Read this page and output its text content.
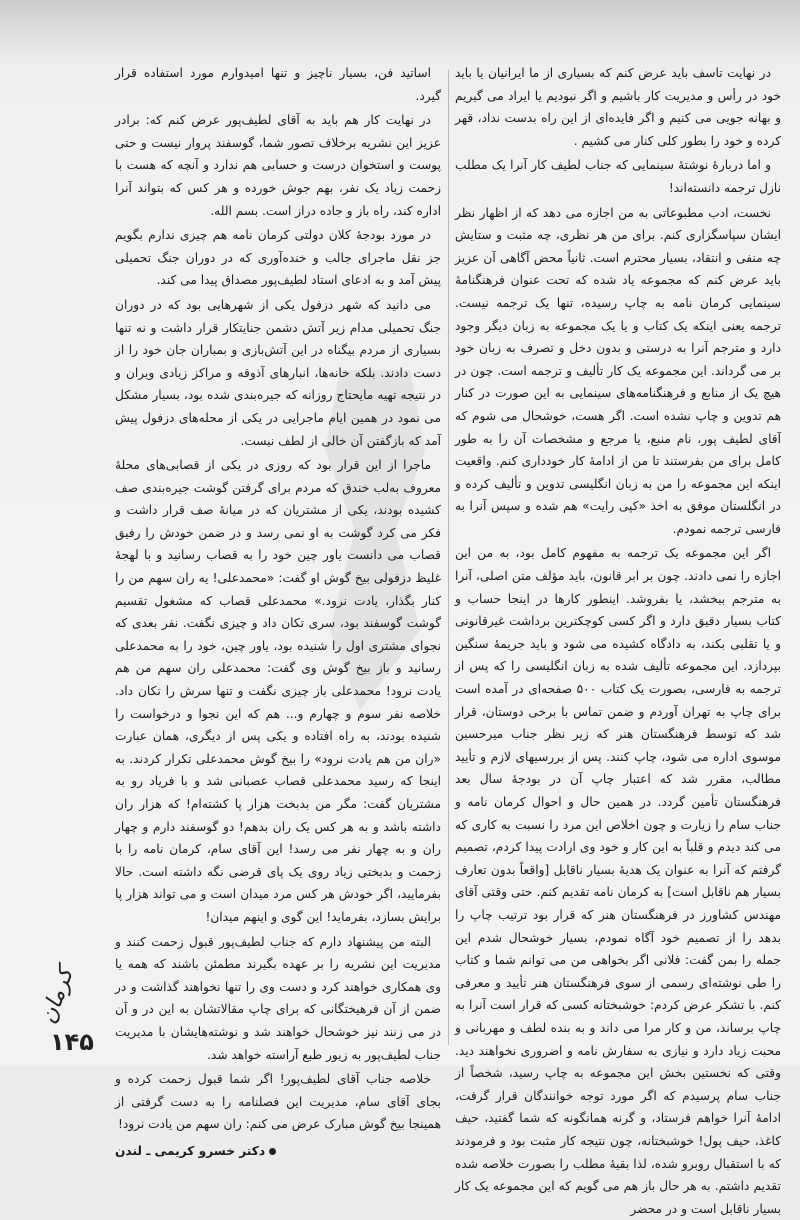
در نهایت تاسف باید عرض کنم که بسیاری از ما ایرانیان یا باید خود در رأس و مدیریت کار باشیم و اگر نبودیم یا ایراد می گیریم و بهانه جویی می کنیم و اگر فایده‌ای از این راه بدست نداد، قهر کرده و خود را بطور کلی کنار می کشیم .

و اما دربارهٔ نوشتهٔ سینمایی که جناب لطیف کار آنرا یک مطلب نازل ترجمه دانسته‌اند!

نخست، ادب مطبوعاتی به من اجازه می دهد که از اظهار نظر ایشان سپاسگزاری کنم. برای من هر نظری، چه مثبت و ستایش چه منفی و انتقاد، بسیار محترم است. ثانیاً محض آگاهی آن عزیز باید عرض کنم که مجموعه یاد شده که تحت عنوان فرهنگنامهٔ سینمایی کرمان نامه به چاپ رسیده، تنها یک ترجمه نیست. ترجمه یعنی اینکه یک کتاب و یا یک مجموعه به زبان دیگر وجود دارد و مترجم آنرا به درستی و بدون دخل و تصرف به زبان خود بر می گرداند. این مجموعه یک کار تألیف و ترجمه است. چون در هیچ یک از منابع و فرهنگنامه‌های سینمایی به این صورت در کنار هم تدوین و چاپ نشده است. اگر هست، خوشحال می شوم که آقای لطیف پور، نام منبع، یا مرجع و مشخصات آن را به طور کامل برای من بفرستند تا من از ادامهٔ کار خودداری کنم. واقعیت اینکه این مجموعه را من به زبان انگلیسی تدوین و تألیف کرده و در انگلستان موفق به اخذ «کپی رایت» هم شده و سپس آنرا به فارسی ترجمه نمودم.

اگر این مجموعه یک ترجمه به مفهوم کامل بود، به من این اجازه را نمی دادند. چون بر ابر قانون، باید مؤلف متن اصلی، آنرا به مترجم ببخشد، یا بفروشد. اینطور کارها در اینجا حساب و کتاب بسیار دقیق دارد و اگر کسی کوچکترین برداشت غیرقانونی و یا تقلبی بکند، به دادگاه کشیده می شود و باید جریمهٔ سنگین بپردازد. این مجموعه تألیف شده به زبان انگلیسی را که پس از ترجمه به فارسی، بصورت یک کتاب ۵۰۰ صفحه‌ای در آمده است برای چاپ به تهران آوردم و ضمن تماس با برخی دوستان، قرار شد که توسط فرهنگستان هنر که زیر نظر جناب میرحسین موسوی اداره می شود، چاپ کنند. پس از بررسیهای لازم و تأیید مطالب، مقرر شد که اعتبار چاپ آن در بودجهٔ سال بعد فرهنگستان تأمین گردد. در همین حال و احوال کرمان نامه و جناب سام را زیارت و چون اخلاص این مرد را نسبت به کاری که می کند دیدم و قلباً به این کار و خود وی ارادت پیدا کردم، تصمیم گرفتم که آنرا به عنوان یک هدیهٔ بسیار ناقابل [واقعاً بدون تعارف بسیار هم ناقابل است] به کرمان نامه تقدیم کنم. حتی وقتی آقای مهندس کشاورز در فرهنگستان هنر که قرار بود ترتیب چاپ را بدهد را از تصمیم خود آگاه نمودم، بسیار خوشحال شدم این جمله را بمن گفت: فلانی اگر بخواهی من می توانم شما و کتاب را طی نوشته‌ای رسمی از سوی فرهنگستان هنر تأیید و معرفی کنم. با تشکر عرض کردم: خوشبختانه کسی که قرار است آنرا به چاپ برساند، من و کار مرا می داند و به بنده لطف و مهربانی و محبت زیاد دارد و نیازی به سفارش نامه و اضروری نخواهند دید. وقتی که نخستین بخش این مجموعه به چاپ رسید، شخصاً از جناب سام پرسیدم که اگر مورد توجه خوانندگان قرار گرفت، ادامهٔ آنرا خواهم فرستاد، و گرنه همانگونه که شما گفتید، حیف کاغذ، حیف پول! خوشبختانه، چون نتیجه کار مثبت بود و فرمودند که با استقبال روبرو شده، لذا بقیهٔ مطلب را بصورت خلاصه شده تقدیم داشتم. به هر حال باز هم می گویم که این مجموعه یک کار بسیار ناقابل است و در محضر

اساتید فن، بسیار ناچیز و تنها امیدوارم مورد استفاده قرار گیرد.

در نهایت کار هم باید به آقای لطیف‌پور عرض کنم که: برادر عزیز این نشریه برخلاف تصور شما، گوسفند پروار نیست و حتی پوست و استخوان درست و حسابی هم ندارد و آنچه که هست با زحمت زیاد یک نفر، بهم جوش خورده و هر کس که بتواند آنرا اداره کند، راه باز و جاده دراز است. بسم الله.

در مورد بودجهٔ کلان دولتی کرمان نامه هم چیزی ندارم بگویم جز نقل ماجرای جالب و خنده‌آوری که در دوران جنگ تحمیلی پیش آمد و به ادعای استاد لطیف‌پور مصداق پیدا می کند.

می دانید که شهر دزفول یکی از شهرهایی بود که در دوران جنگ تحمیلی مدام زیر آتش دشمن جنایتکار قرار داشت و نه تنها بسیاری از مردم بیگناه در این آتش‌بازی و بمباران جان خود را از دست دادند. بلکه خانه‌ها، انبارهای آذوقه و مراکز زیادی ویران و در نتیجه تهیه مایحتاج روزانه که جیره‌بندی شده بود، بسیار مشکل می نمود در همین ایام ماجرایی در یکی از محله‌های دزفول پیش آمد که بازگفتن آن خالی از لطف نیست.

ماجرا از این قرار بود که روزی در یکی از قصابی‌های محلهٔ معروف به‌لب خندق که مردم برای گرفتن گوشت جیره‌بندی صف کشیده بودند، یکی از مشتریان که در میانهٔ صف قرار داشت و فکر می کرد گوشت به او نمی رسد و در ضمن خودش را رفیق قصاب می دانست یاور چین خود را به قصاب رسانید و با لهجهٔ غلیظ دزفولی بیخ گوش او گفت: «محمدعلی! یه ران سهم من را کنار بگذار، یادت نرود.» محمدعلی قصاب که مشغول تقسیم گوشت گوسفند بود، سری تکان داد و چیزی نگفت. نفر بعدی که نجوای مشتری اول را شنیده بود، یاور چین، خود را به محمدعلی رسانید و باز بیخ گوش وی گفت: محمدعلی ران سهم من هم یادت نرود! محمدعلی باز چیزی نگفت و تنها سرش را تکان داد. خلاصه نفر سوم و چهارم و... هم که این نجوا و درخواست را شنیده بودند، به راه افتاده و یکی پس از دیگری، همان عبارت «ران من هم یادت نرود» را بیخ گوش محمدعلی تکرار کردند. به اینجا که رسید محمدعلی قصاب عصبانی شد و با فریاد رو به مشتریان گفت: مگر من بدبخت هزار پا کشته‌ام! که هزار ران داشته باشد و به هر کس یک ران بدهم! دو گوسفند دارم و چهار ران و به چهار نفر می رسد! این آقای سام، کرمان نامه را با زحمت و بدبختی زیاد روی یک پای قرضی نگه داشته است. حالا بفرمایید، اگر خودش هر کس مرد میدان است و می تواند هزار پا برایش بسازد، بفرماید! این گوی و اینهم میدان!

البته من پیشنهاد دارم که جناب لطیف‌پور قبول زحمت کنند و مدیریت این نشریه را بر عهده بگیرند مطمئن باشند که همه یا وی همکاری خواهند کرد و دست وی را تنها نخواهند گذاشت و در ضمن از آن فرهیختگانی که برای چاپ مقالاتشان به این در و آن در می زنند نیز خوشحال خواهند شد و نوشته‌هایشان با مدیریت جناب لطیف‌پور به زیور طبع آراسته خواهد شد.

خلاصه جناب آقای لطیف‌پور! اگر شما قبول زحمت کرده و بجای آقای سام، مدیریت این فصلنامه را به دست گرفتی از همینجا بیخ گوش مبارک عرض می کنم: ران سهم من یادت نرود!

دکتر خسرو کریمی ـ لندن
کرمان
۱۴۵
